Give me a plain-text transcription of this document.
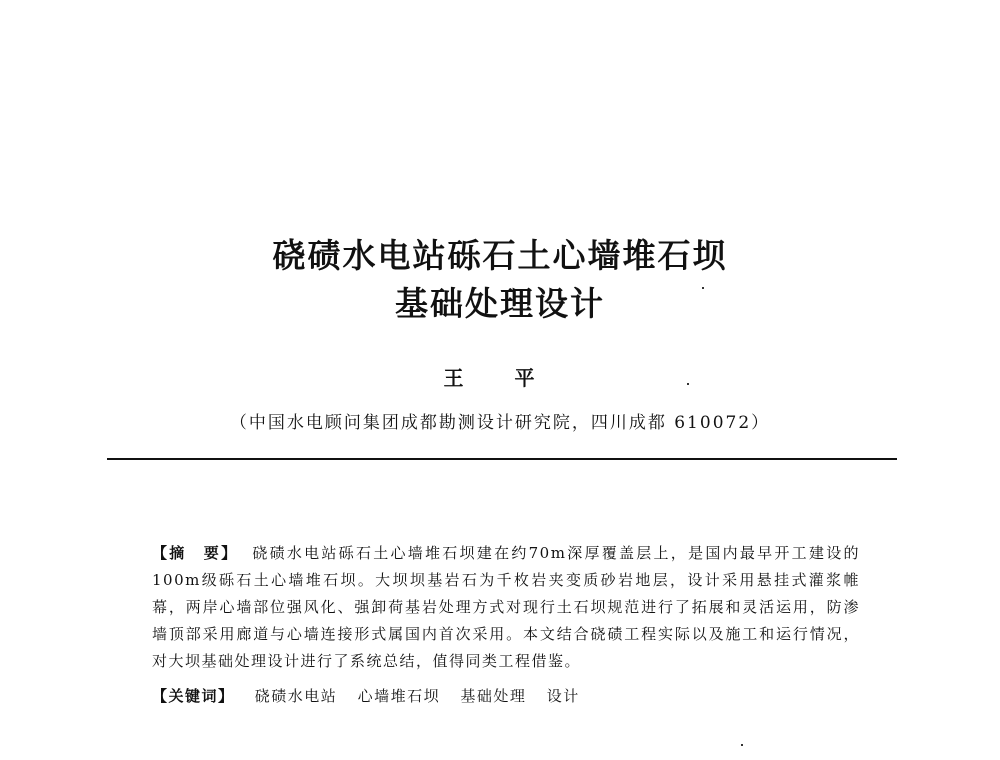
硗碛水电站砾石土心墙堆石坝
基础处理设计
王 平
（中国水电顾问集团成都勘测设计研究院，四川成都 610072）
【摘　要】 硗碛水电站砾石土心墙堆石坝建在约70m深厚覆盖层上，是国内最早开工建设的100m级砾石土心墙堆石坝。大坝坝基岩石为千枚岩夹变质砂岩地层，设计采用悬挂式灌浆帷幕，两岸心墙部位强风化、强卸荷基岩处理方式对现行土石坝规范进行了拓展和灵活运用，防渗墙顶部采用廊道与心墙连接形式属国内首次采用。本文结合硗碛工程实际以及施工和运行情况，对大坝基础处理设计进行了系统总结，值得同类工程借鉴。
【关键词】 硗碛水电站 心墙堆石坝 基础处理 设计
